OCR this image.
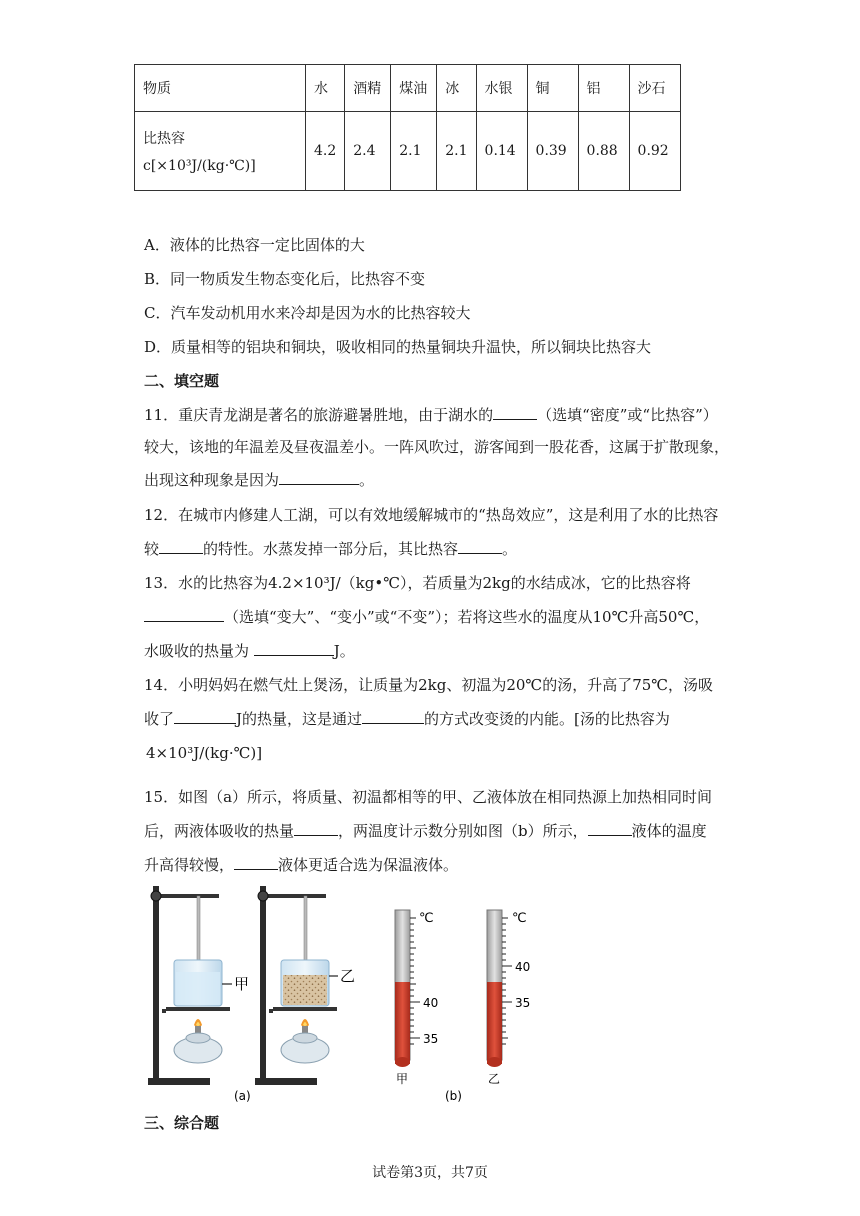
物质	水	酒精	煤油	冰	水银	铜	铝	沙石

比热容
c[×10³J/(kg·℃)]	4.2	2.4	2.1	2.1	0.14	0.39	0.88	0.92
A．液体的比热容一定比固体的大
B．同一物质发生物态变化后，比热容不变
C．汽车发动机用水来冷却是因为水的比热容较大
D．质量相等的铝块和铜块，吸收相同的热量铜块升温快，所以铜块比热容大
二、填空题
11．重庆青龙湖是著名的旅游避暑胜地，由于湖水的	（选填“密度”或“比热容”）
较大，该地的年温差及昼夜温差小。一阵风吹过，游客闻到一股花香，这属于扩散现象，
出现这种现象是因为	。
12．在城市内修建人工湖，可以有效地缓解城市的“热岛效应”，这是利用了水的比热容
较	的特性。水蒸发掉一部分后，其比热容	。
13．水的比热容为4.2×10³J/（kg•℃），若质量为2kg的水结成冰，它的比热容将
（选填“变大”、“变小”或“不变”）；若将这些水的温度从10℃升高50℃，
水吸收的热量为	J。
14．小明妈妈在燃气灶上煲汤，让质量为2kg、初温为20℃的汤，升高了75℃，汤吸
收了	J的热量，这是通过	的方式改变烫的内能。[汤的比热容为
4×10³J/(kg·℃)]
15．如图（a）所示，将质量、初温都相等的甲、乙液体放在相同热源上加热相同时间
后，两液体吸收的热量	，两温度计示数分别如图（b）所示，	液体的温度
升高得较慢，	液体更适合选为保温液体。
甲	乙
(a)
℃
40
35
甲
℃
40
35
乙
(b)
三、综合题
试卷第3页，共7页
